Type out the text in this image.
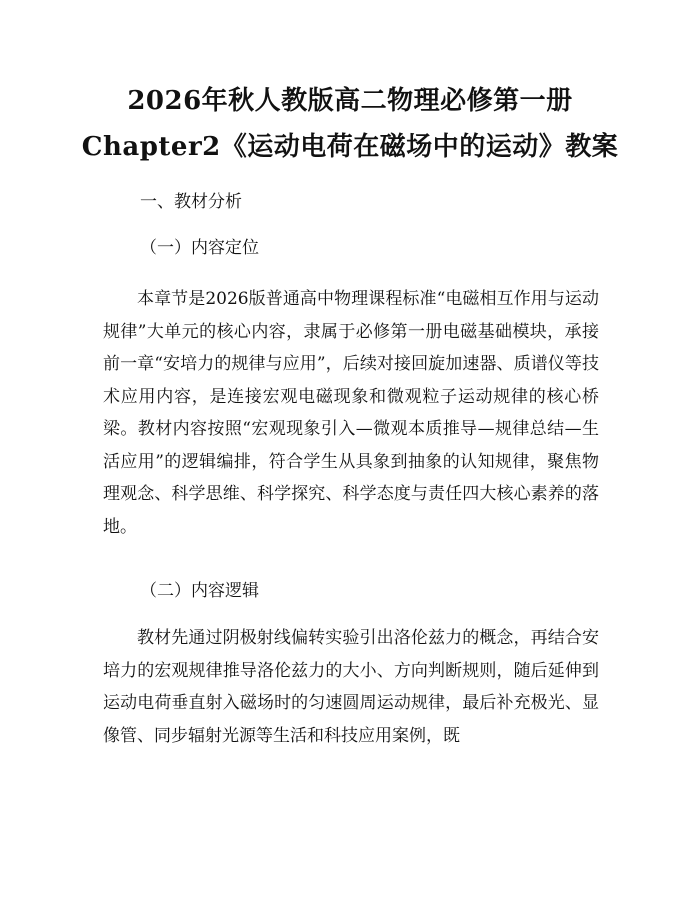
2026年秋人教版高二物理必修第一册
Chapter2《运动电荷在磁场中的运动》教案
一、教材分析
（一）内容定位

本章节是2026版普通高中物理课程标准“电磁相互作用与运动规律”大单元的核心内容，隶属于必修第一册电磁基础模块，承接前一章“安培力的规律与应用”，后续对接回旋加速器、质谱仪等技术应用内容，是连接宏观电磁现象和微观粒子运动规律的核心桥梁。教材内容按照“宏观现象引入—微观本质推导—规律总结—生活应用”的逻辑编排，符合学生从具象到抽象的认知规律，聚焦物理观念、科学思维、科学探究、科学态度与责任四大核心素养的落地。

（二）内容逻辑

教材先通过阴极射线偏转实验引出洛伦兹力的概念，再结合安培力的宏观规律推导洛伦兹力的大小、方向判断规则，随后延伸到运动电荷垂直射入磁场时的匀速圆周运动规律，最后补充极光、显像管、同步辐射光源等生活和科技应用案例，既
